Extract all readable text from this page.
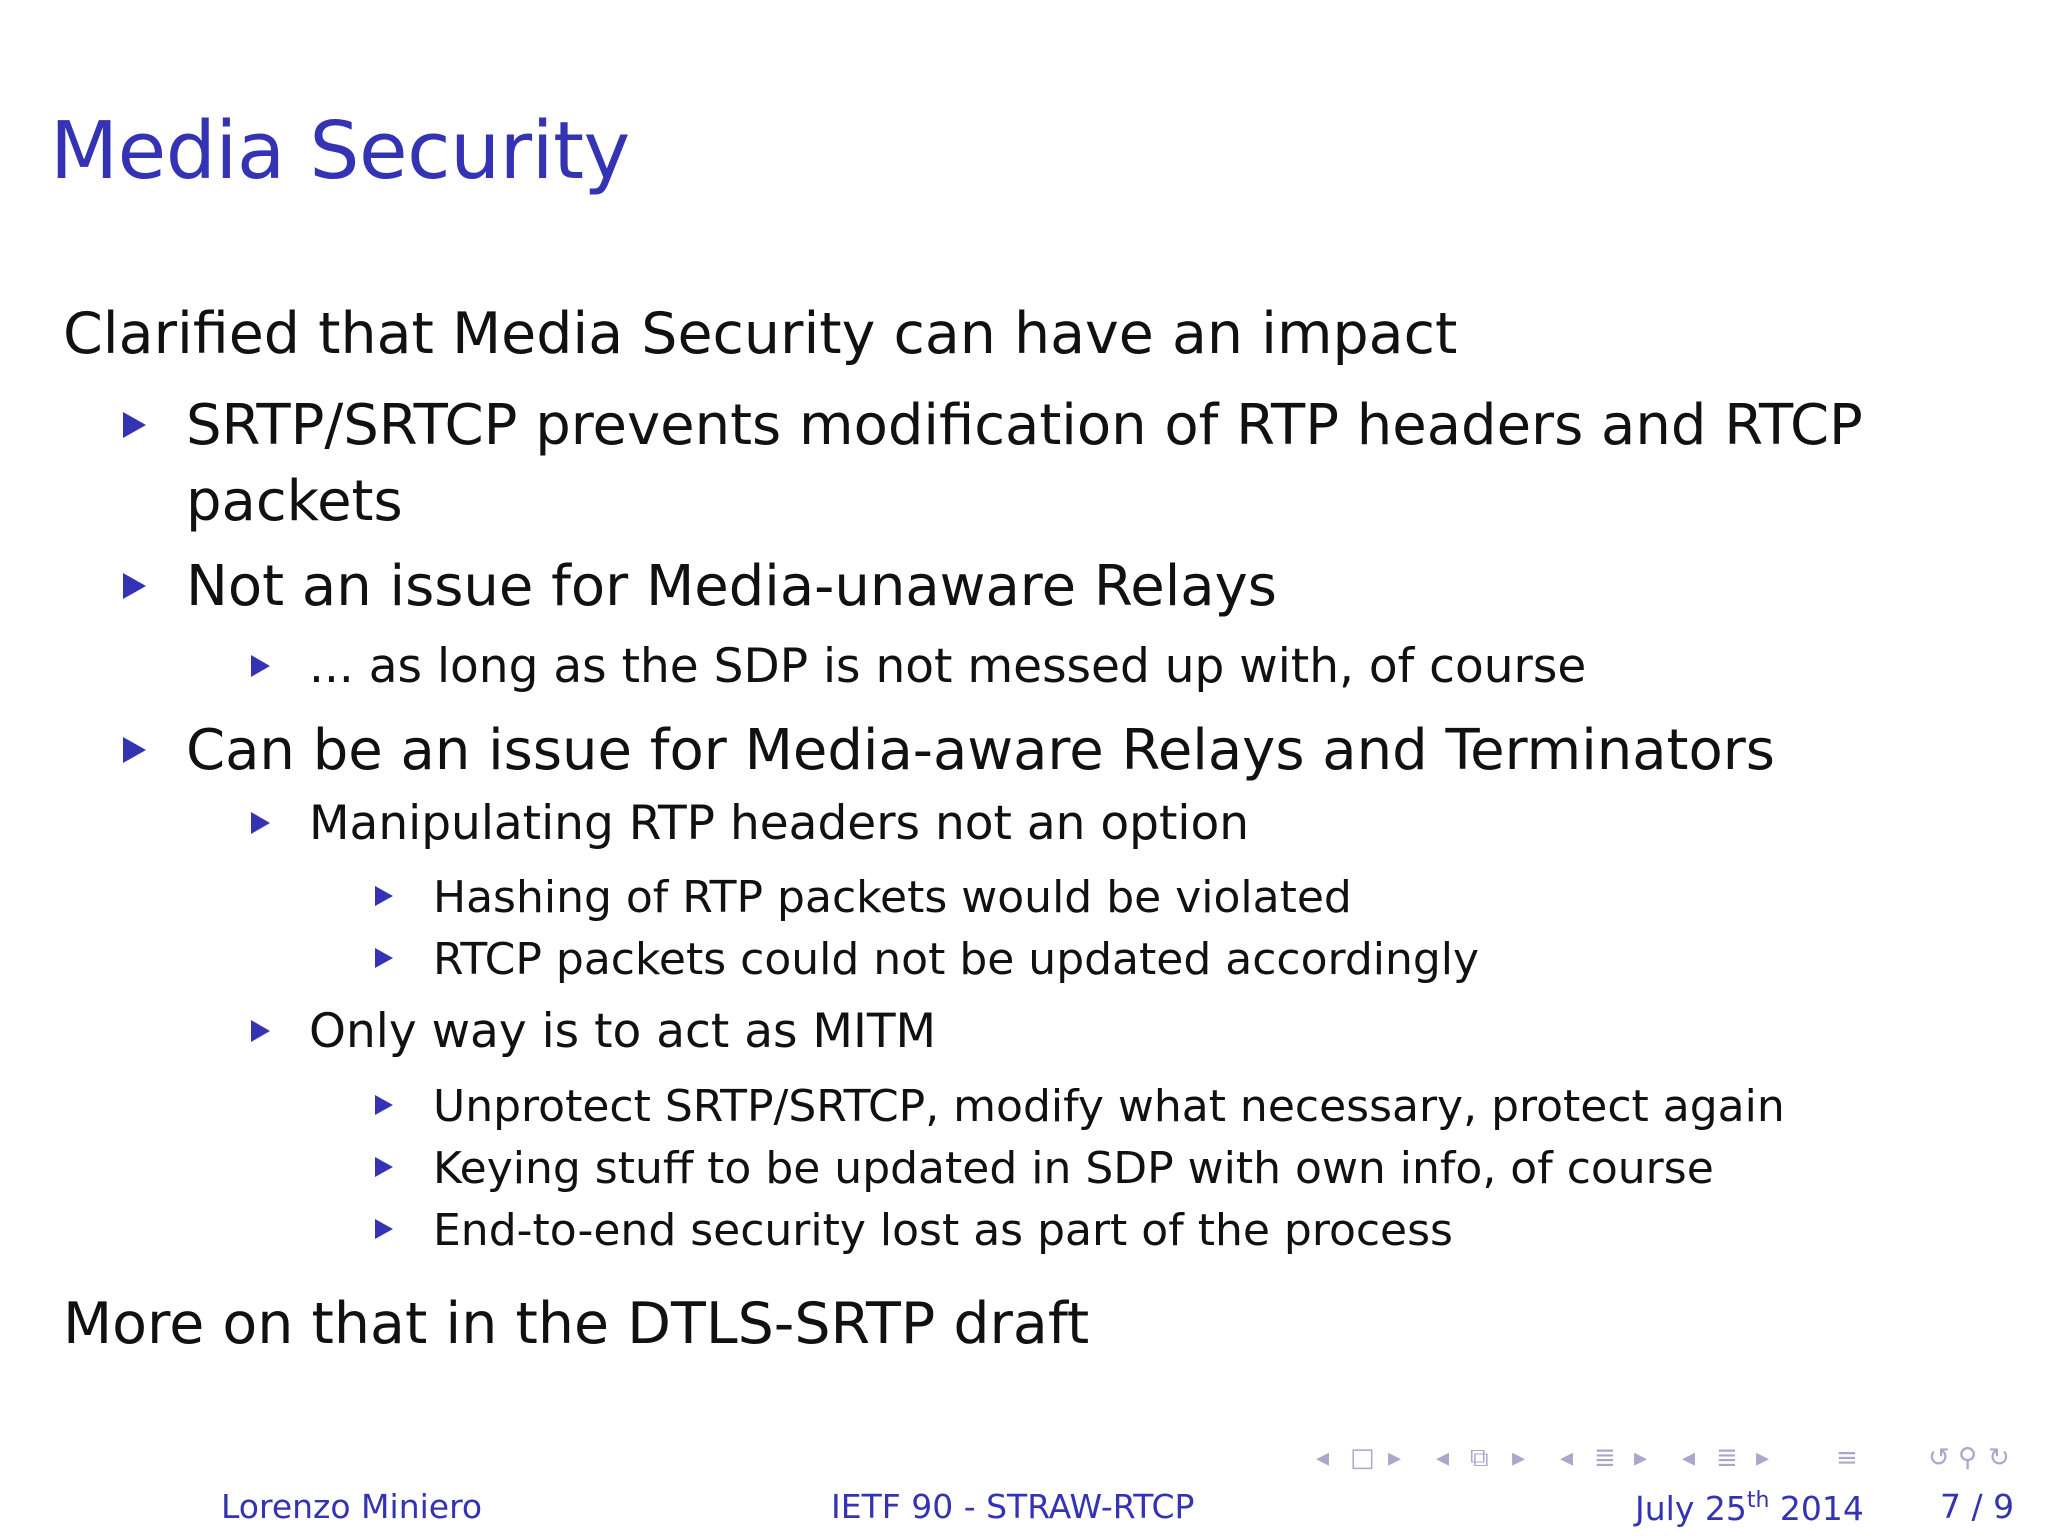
Media Security
Clarified that Media Security can have an impact
SRTP/SRTCP prevents modification of RTP headers and RTCP
packets
Not an issue for Media-unaware Relays
... as long as the SDP is not messed up with, of course
Can be an issue for Media-aware Relays and Terminators
Manipulating RTP headers not an option
Hashing of RTP packets would be violated
RTCP packets could not be updated accordingly
Only way is to act as MITM
Unprotect SRTP/SRTCP, modify what necessary, protect again
Keying stuff to be updated in SDP with own info, of course
End-to-end security lost as part of the process
More on that in the DTLS-SRTP draft
◂ □ ▸ ◂ ⧉ ▸ ◂ ≣ ▸ ◂ ≣ ▸	≡	↺ ⚲ ↻
Lorenzo Miniero	IETF 90 - STRAW-RTCP	July 25th 2014 7 / 9
